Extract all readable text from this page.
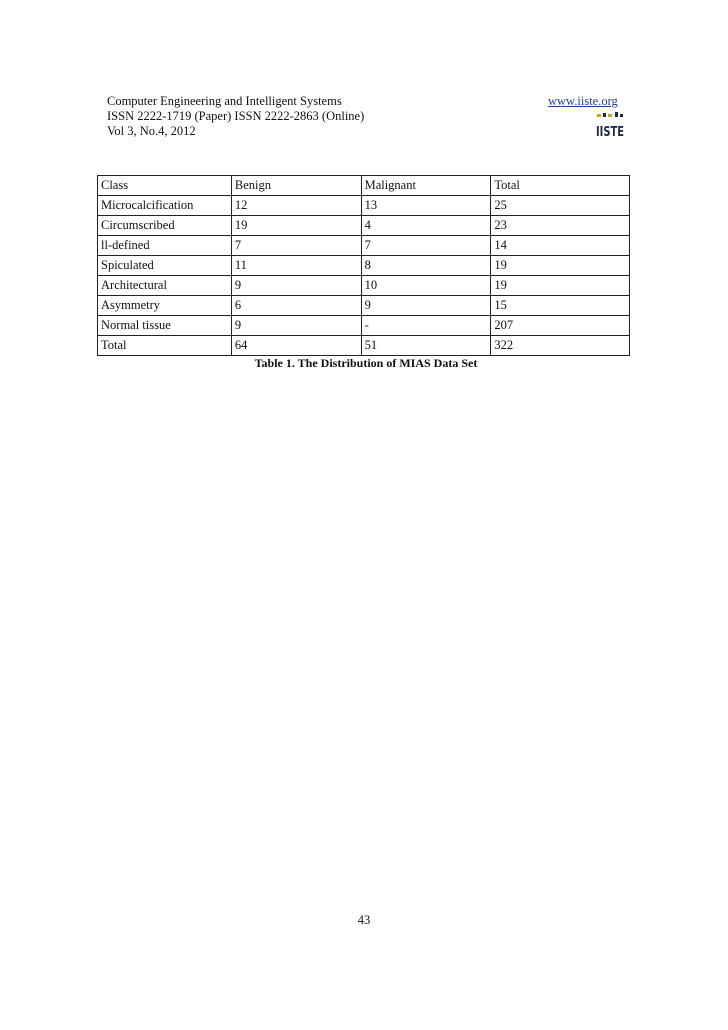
Computer Engineering and Intelligent Systems
ISSN 2222-1719 (Paper) ISSN 2222-2863 (Online)
Vol 3, No.4, 2012
www.iiste.org
IISTE
Class	Benign	Malignant	Total
Microcalcification	12	13	25
Circumscribed	19	4	23
ll-defined	7	7	14
Spiculated	11	8	19
Architectural	9	10	19
Asymmetry	6	9	15
Normal tissue	9	-	207
Total	64	51	322
Table 1. The Distribution of MIAS Data Set
43
